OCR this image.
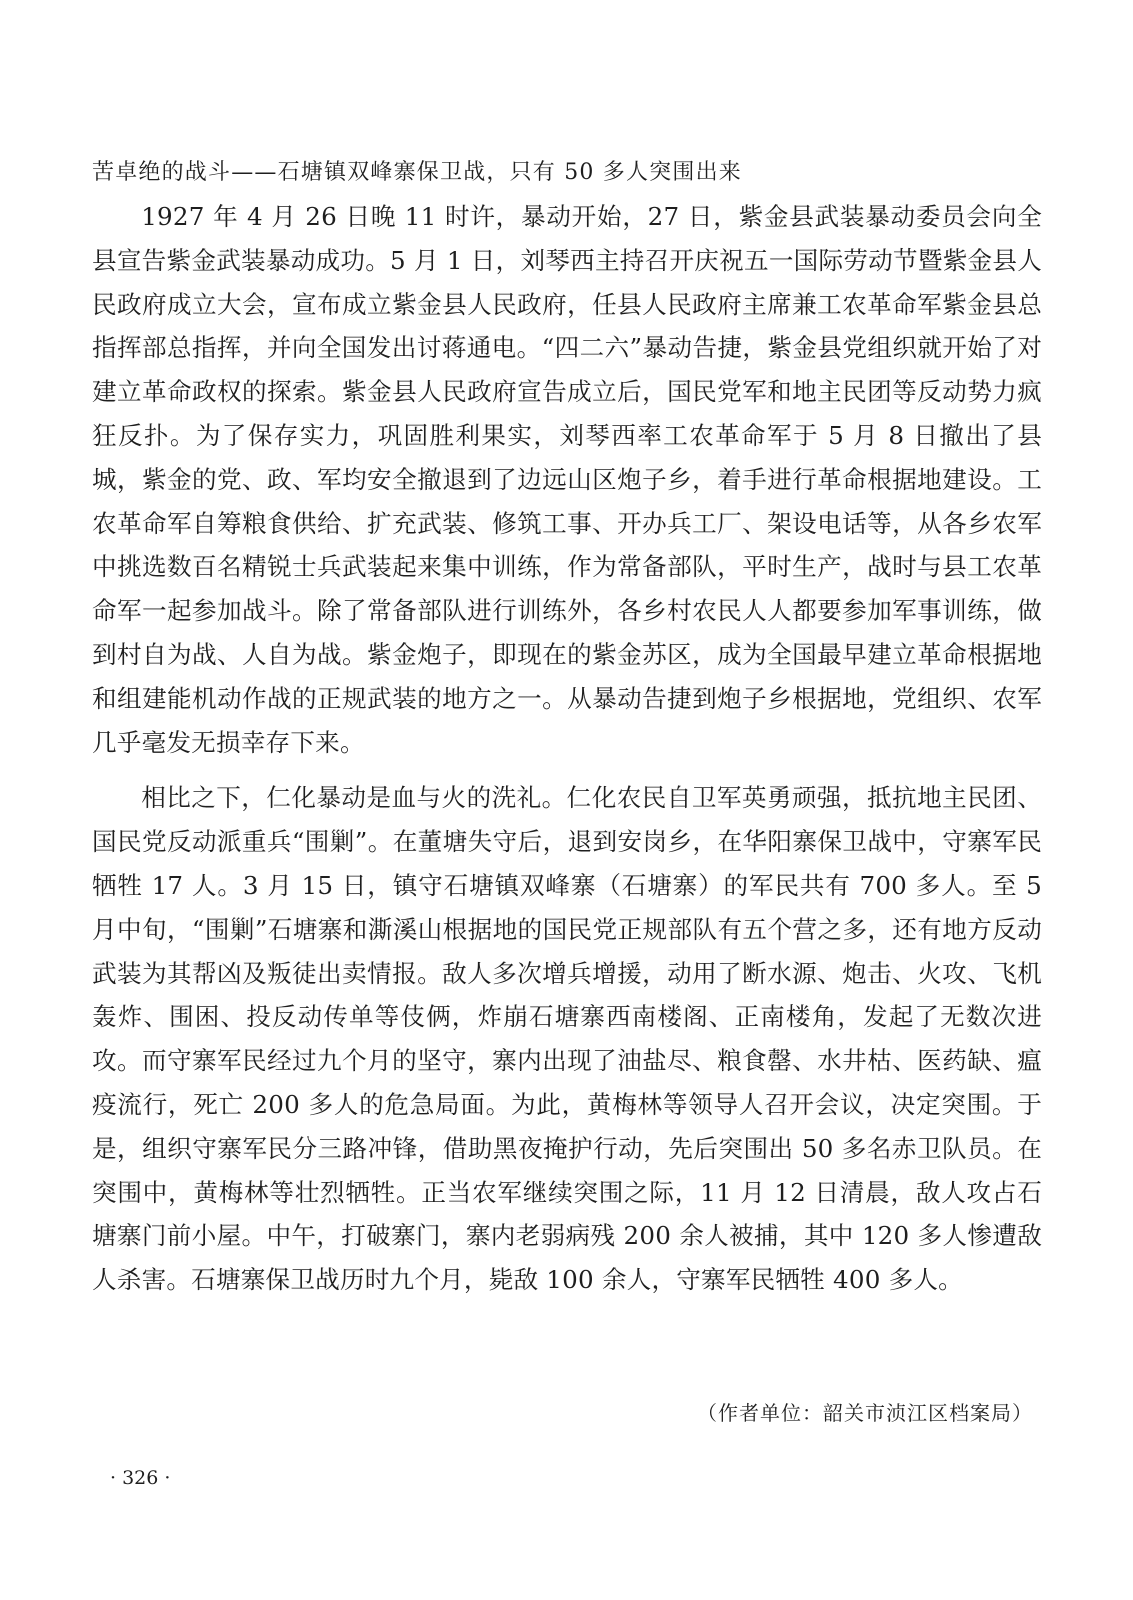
苦卓绝的战斗——石塘镇双峰寨保卫战，只有 50 多人突围出来

1927 年 4 月 26 日晚 11 时许，暴动开始，27 日，紫金县武装暴动委员会向全县宣告紫金武装暴动成功。5 月 1 日，刘琴西主持召开庆祝五一国际劳动节暨紫金县人民政府成立大会，宣布成立紫金县人民政府，任县人民政府主席兼工农革命军紫金县总指挥部总指挥，并向全国发出讨蒋通电。“四二六”暴动告捷，紫金县党组织就开始了对建立革命政权的探索。紫金县人民政府宣告成立后，国民党军和地主民团等反动势力疯狂反扑。为了保存实力，巩固胜利果实，刘琴西率工农革命军于 5 月 8 日撤出了县城，紫金的党、政、军均安全撤退到了边远山区炮子乡，着手进行革命根据地建设。工农革命军自筹粮食供给、扩充武装、修筑工事、开办兵工厂、架设电话等，从各乡农军中挑选数百名精锐士兵武装起来集中训练，作为常备部队，平时生产，战时与县工农革命军一起参加战斗。除了常备部队进行训练外，各乡村农民人人都要参加军事训练，做到村自为战、人自为战。紫金炮子，即现在的紫金苏区，成为全国最早建立革命根据地和组建能机动作战的正规武装的地方之一。从暴动告捷到炮子乡根据地，党组织、农军几乎毫发无损幸存下来。

相比之下，仁化暴动是血与火的洗礼。仁化农民自卫军英勇顽强，抵抗地主民团、国民党反动派重兵“围剿”。在董塘失守后，退到安岗乡，在华阳寨保卫战中，守寨军民牺牲 17 人。3 月 15 日，镇守石塘镇双峰寨（石塘寨）的军民共有 700 多人。至 5 月中旬，“围剿”石塘寨和澌溪山根据地的国民党正规部队有五个营之多，还有地方反动武装为其帮凶及叛徒出卖情报。敌人多次增兵增援，动用了断水源、炮击、火攻、飞机轰炸、围困、投反动传单等伎俩，炸崩石塘寨西南楼阁、正南楼角，发起了无数次进攻。而守寨军民经过九个月的坚守，寨内出现了油盐尽、粮食罄、水井枯、医药缺、瘟疫流行，死亡 200 多人的危急局面。为此，黄梅林等领导人召开会议，决定突围。于是，组织守寨军民分三路冲锋，借助黑夜掩护行动，先后突围出 50 多名赤卫队员。在突围中，黄梅林等壮烈牺牲。正当农军继续突围之际，11 月 12 日清晨，敌人攻占石塘寨门前小屋。中午，打破寨门，寨内老弱病残 200 余人被捕，其中 120 多人惨遭敌人杀害。石塘寨保卫战历时九个月，毙敌 100 余人，守寨军民牺牲 400 多人。

（作者单位：韶关市浈江区档案局）
· 326 ·
